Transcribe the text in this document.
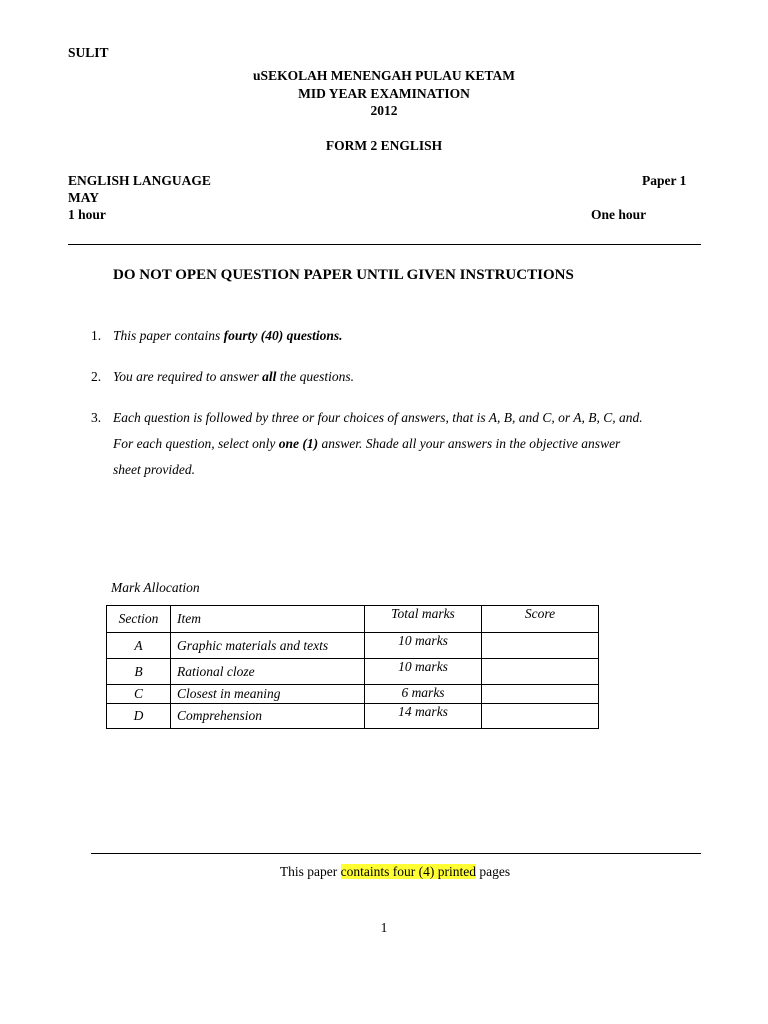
SULIT
uSEKOLAH MENENGAH PULAU KETAM
MID YEAR EXAMINATION
2012
FORM 2 ENGLISH
ENGLISH LANGUAGE	Paper 1
MAY
1 hour	One hour
DO NOT OPEN QUESTION PAPER UNTIL GIVEN INSTRUCTIONS
1. This paper contains fourty (40) questions.
2. You are required to answer all the questions.
3. Each question is followed by three or four choices of answers, that is A, B, and C, or A, B, C, and.
For each question, select only one (1) answer. Shade all your answers in the objective answer
sheet provided.
Mark Allocation
Section	Item	Total marks	Score
A	Graphic materials and texts	10 marks	
B	Rational cloze	10 marks	
C	Closest in meaning	6 marks	
D	Comprehension	14 marks	
This paper containts four (4) printed pages
1
